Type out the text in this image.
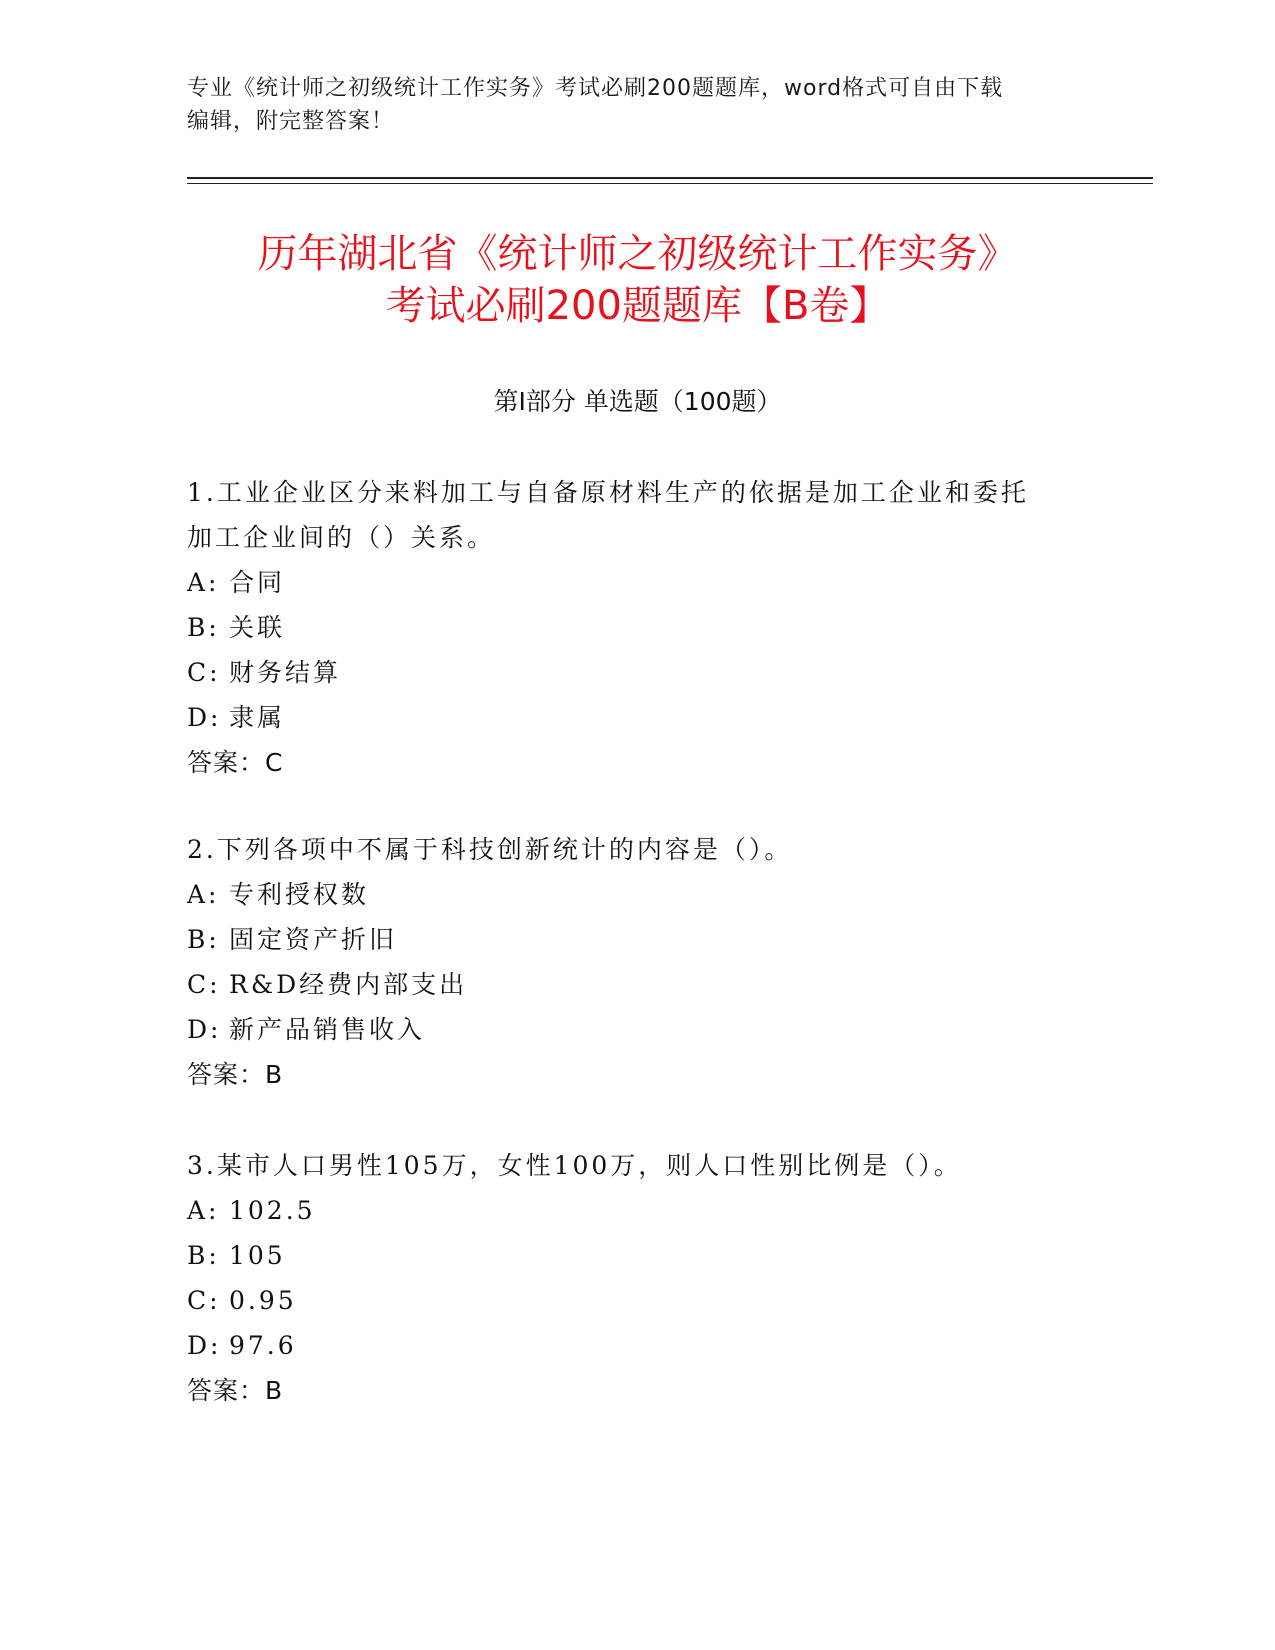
专业《统计师之初级统计工作实务》考试必刷200题题库，word格式可自由下载
编辑，附完整答案！
历年湖北省《统计师之初级统计工作实务》
考试必刷200题题库【B卷】
第Ⅰ部分 单选题（100题）

1.工业企业区分来料加工与自备原材料生产的依据是加工企业和委托

加工企业间的（）关系。

A: 合同
B: 关联
C: 财务结算
D: 隶属

答案：C

2.下列各项中不属于科技创新统计的内容是（）。

A: 专利授权数
B: 固定资产折旧
C: R&D经费内部支出
D: 新产品销售收入

答案：B

3.某市人口男性105万，女性100万，则人口性别比例是（）。

A: 102.5
B: 105
C: 0.95
D: 97.6

答案：B
